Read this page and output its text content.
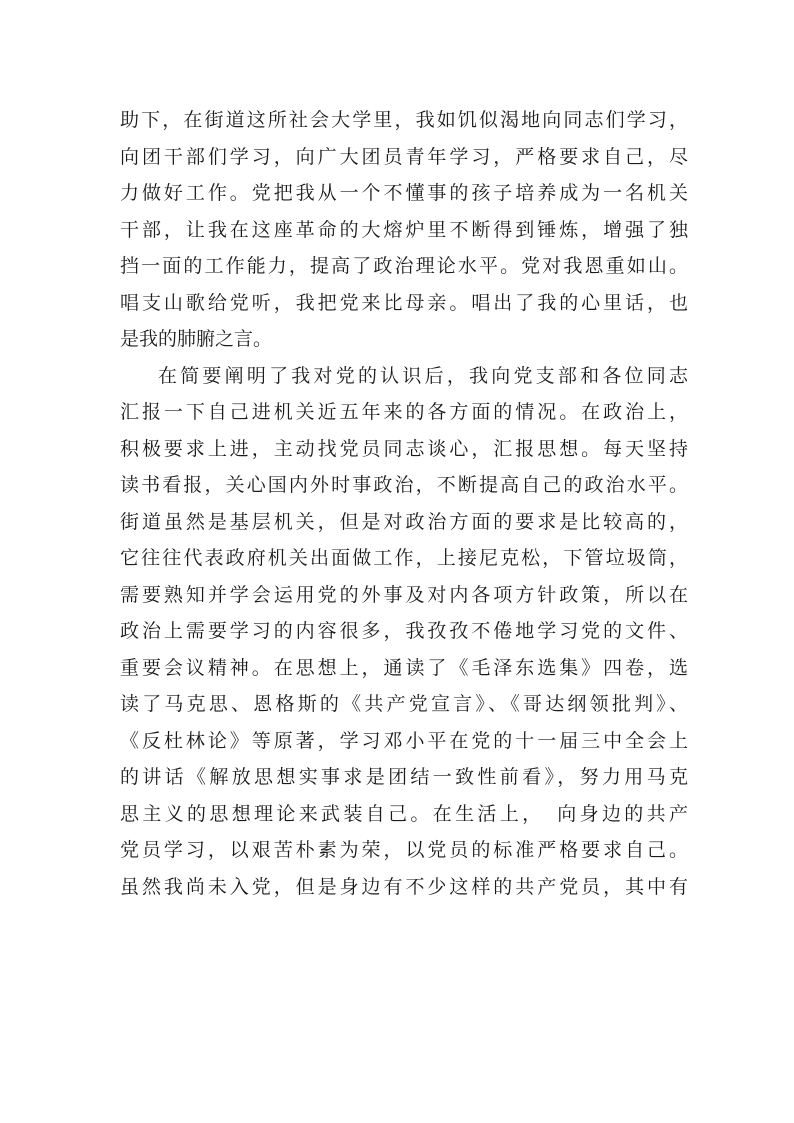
助下，在街道这所社会大学里，我如饥似渴地向同志们学习，
向团干部们学习，向广大团员青年学习，严格要求自己，尽
力做好工作。党把我从一个不懂事的孩子培养成为一名机关
干部，让我在这座革命的大熔炉里不断得到锤炼，增强了独
挡一面的工作能力，提高了政治理论水平。党对我恩重如山。
唱支山歌给党听，我把党来比母亲。唱出了我的心里话，也
是我的肺腑之言。
在简要阐明了我对党的认识后，我向党支部和各位同志
汇报一下自己进机关近五年来的各方面的情况。在政治上，
积极要求上进，主动找党员同志谈心，汇报思想。每天坚持
读书看报，关心国内外时事政治，不断提高自己的政治水平。
街道虽然是基层机关，但是对政治方面的要求是比较高的，
它往往代表政府机关出面做工作，上接尼克松，下管垃圾筒，
需要熟知并学会运用党的外事及对内各项方针政策，所以在
政治上需要学习的内容很多，我孜孜不倦地学习党的文件、
重要会议精神。在思想上，通读了《毛泽东选集》四卷，选
读了马克思、恩格斯的《共产党宣言》、《哥达纲领批判》、
《反杜林论》等原著，学习邓小平在党的十一届三中全会上
的讲话《解放思想实事求是团结一致性前看》，努力用马克
思主义的思想理论来武装自己。在生活上，　向身边的共产
党员学习，以艰苦朴素为荣，以党员的标准严格要求自己。
虽然我尚未入党，但是身边有不少这样的共产党员，其中有
